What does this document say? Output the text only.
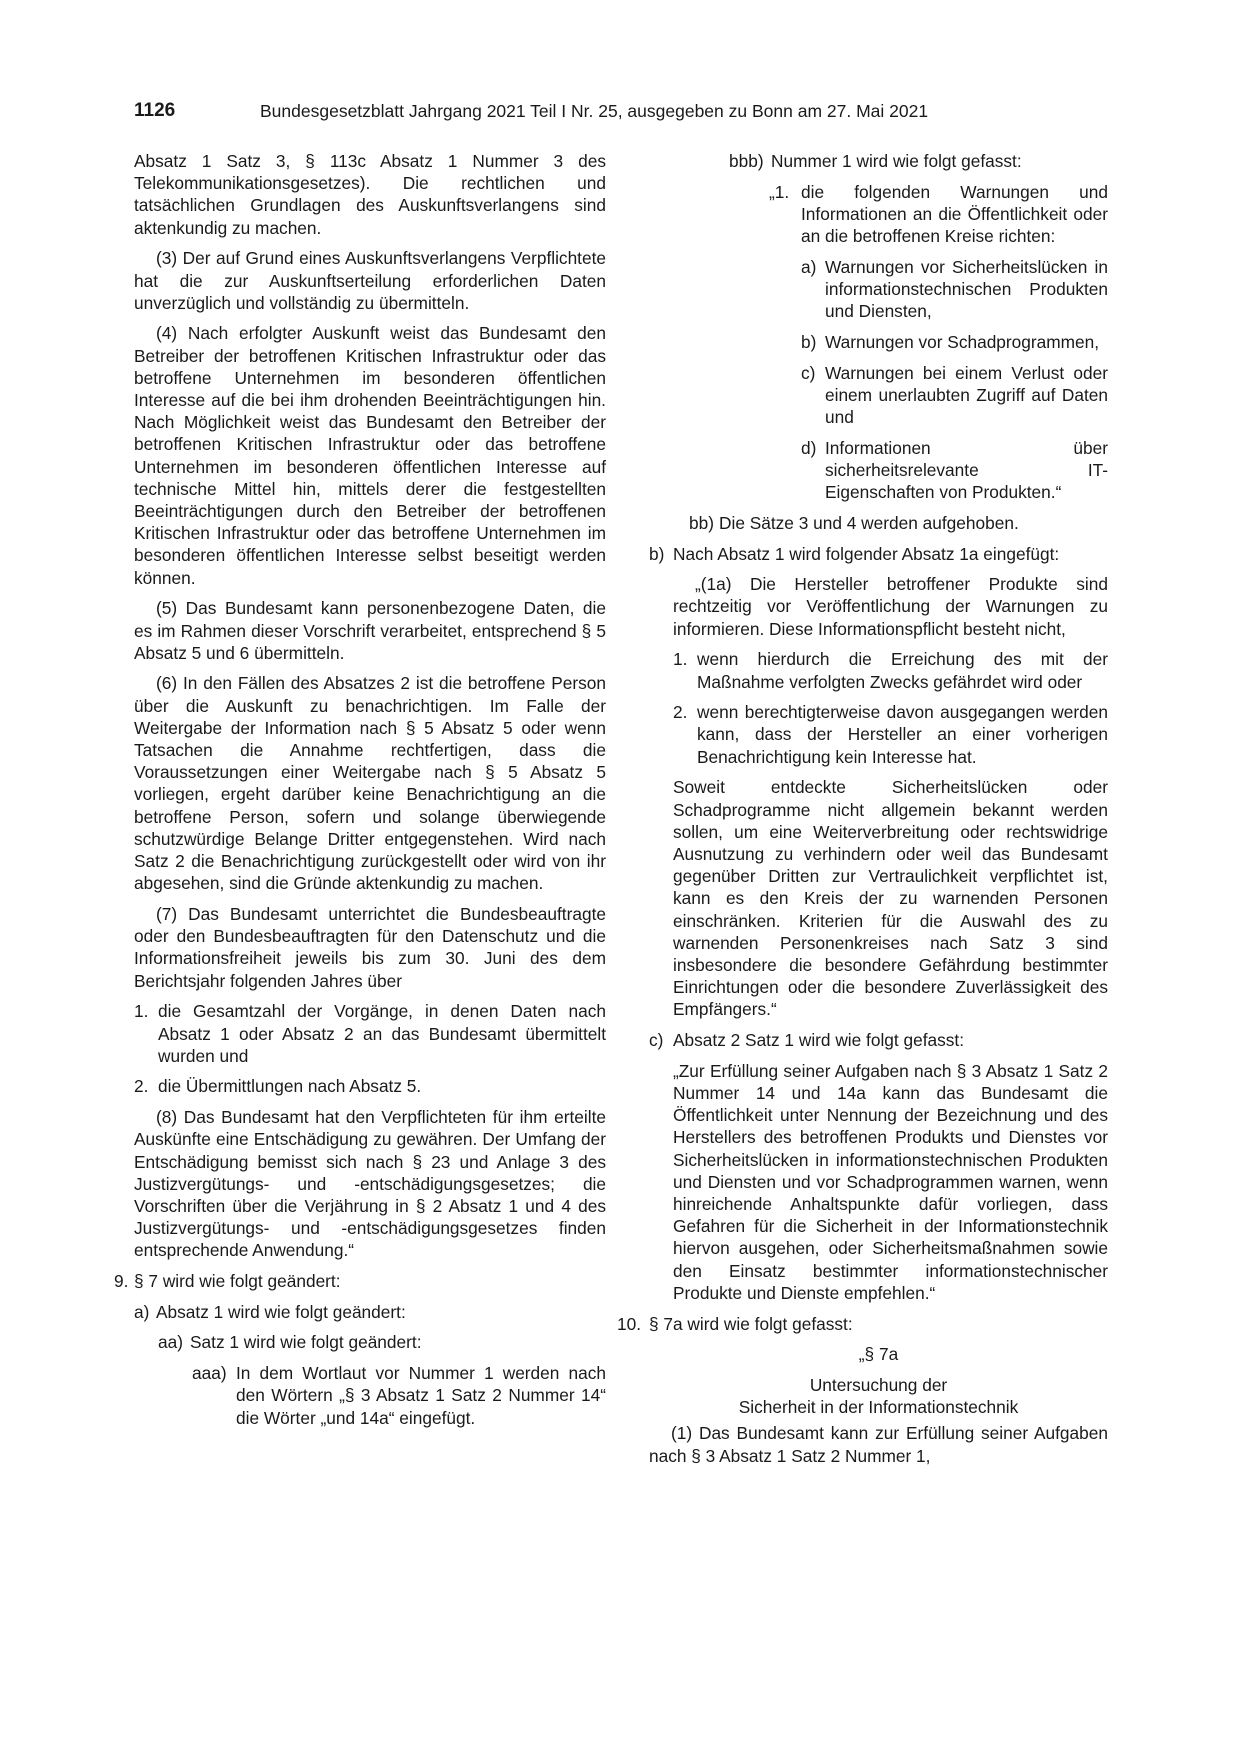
1126	Bundesgesetzblatt Jahrgang 2021 Teil I Nr. 25, ausgegeben zu Bonn am 27. Mai 2021

Absatz 1 Satz 3, § 113c Absatz 1 Nummer 3 des Telekommunikationsgesetzes). Die rechtlichen und tatsächlichen Grundlagen des Auskunftsverlangens sind aktenkundig zu machen.

(3) Der auf Grund eines Auskunftsverlangens Verpflichtete hat die zur Auskunftserteilung erforderlichen Daten unverzüglich und vollständig zu übermitteln.

(4) Nach erfolgter Auskunft weist das Bundesamt den Betreiber der betroffenen Kritischen Infrastruktur oder das betroffene Unternehmen im besonderen öffentlichen Interesse auf die bei ihm drohenden Beeinträchtigungen hin. Nach Möglichkeit weist das Bundesamt den Betreiber der betroffenen Kritischen Infrastruktur oder das betroffene Unternehmen im besonderen öffentlichen Interesse auf technische Mittel hin, mittels derer die festgestellten Beeinträchtigungen durch den Betreiber der betroffenen Kritischen Infrastruktur oder das betroffene Unternehmen im besonderen öffentlichen Interesse selbst beseitigt werden können.

(5) Das Bundesamt kann personenbezogene Daten, die es im Rahmen dieser Vorschrift verarbeitet, entsprechend § 5 Absatz 5 und 6 übermitteln.

(6) In den Fällen des Absatzes 2 ist die betroffene Person über die Auskunft zu benachrichtigen. Im Falle der Weitergabe der Information nach § 5 Absatz 5 oder wenn Tatsachen die Annahme rechtfertigen, dass die Voraussetzungen einer Weitergabe nach § 5 Absatz 5 vorliegen, ergeht darüber keine Benachrichtigung an die betroffene Person, sofern und solange überwiegende schutzwürdige Belange Dritter entgegenstehen. Wird nach Satz 2 die Benachrichtigung zurückgestellt oder wird von ihr abgesehen, sind die Gründe aktenkundig zu machen.

(7) Das Bundesamt unterrichtet die Bundesbeauftragte oder den Bundesbeauftragten für den Datenschutz und die Informationsfreiheit jeweils bis zum 30. Juni des dem Berichtsjahr folgenden Jahres über

1. die Gesamtzahl der Vorgänge, in denen Daten nach Absatz 1 oder Absatz 2 an das Bundesamt übermittelt wurden und
2. die Übermittlungen nach Absatz 5.

(8) Das Bundesamt hat den Verpflichteten für ihm erteilte Auskünfte eine Entschädigung zu gewähren. Der Umfang der Entschädigung bemisst sich nach § 23 und Anlage 3 des Justizvergütungs- und -entschädigungsgesetzes; die Vorschriften über die Verjährung in § 2 Absatz 1 und 4 des Justizvergütungs- und -entschädigungsgesetzes finden entsprechende Anwendung.“

9. § 7 wird wie folgt geändert:
a) Absatz 1 wird wie folgt geändert:
aa) Satz 1 wird wie folgt geändert:
aaa) In dem Wortlaut vor Nummer 1 werden nach den Wörtern „§ 3 Absatz 1 Satz 2 Nummer 14“ die Wörter „und 14a“ eingefügt.
bbb) Nummer 1 wird wie folgt gefasst:
„1. die folgenden Warnungen und Informationen an die Öffentlichkeit oder an die betroffenen Kreise richten:
a) Warnungen vor Sicherheitslücken in informationstechnischen Produkten und Diensten,
b) Warnungen vor Schadprogrammen,
c) Warnungen bei einem Verlust oder einem unerlaubten Zugriff auf Daten und
d) Informationen über sicherheitsrelevante IT-Eigenschaften von Produkten.“
bb) Die Sätze 3 und 4 werden aufgehoben.
b) Nach Absatz 1 wird folgender Absatz 1a eingefügt:

„(1a) Die Hersteller betroffener Produkte sind rechtzeitig vor Veröffentlichung der Warnungen zu informieren. Diese Informationspflicht besteht nicht,

1. wenn hierdurch die Erreichung des mit der Maßnahme verfolgten Zwecks gefährdet wird oder
2. wenn berechtigterweise davon ausgegangen werden kann, dass der Hersteller an einer vorherigen Benachrichtigung kein Interesse hat.

Soweit entdeckte Sicherheitslücken oder Schadprogramme nicht allgemein bekannt werden sollen, um eine Weiterverbreitung oder rechtswidrige Ausnutzung zu verhindern oder weil das Bundesamt gegenüber Dritten zur Vertraulichkeit verpflichtet ist, kann es den Kreis der zu warnenden Personen einschränken. Kriterien für die Auswahl des zu warnenden Personenkreises nach Satz 3 sind insbesondere die besondere Gefährdung bestimmter Einrichtungen oder die besondere Zuverlässigkeit des Empfängers.“

c) Absatz 2 Satz 1 wird wie folgt gefasst:

„Zur Erfüllung seiner Aufgaben nach § 3 Absatz 1 Satz 2 Nummer 14 und 14a kann das Bundesamt die Öffentlichkeit unter Nennung der Bezeichnung und des Herstellers des betroffenen Produkts und Dienstes vor Sicherheitslücken in informationstechnischen Produkten und Diensten und vor Schadprogrammen warnen, wenn hinreichende Anhaltspunkte dafür vorliegen, dass Gefahren für die Sicherheit in der Informationstechnik hiervon ausgehen, oder Sicherheitsmaßnahmen sowie den Einsatz bestimmter informationstechnischer Produkte und Dienste empfehlen.“

10. § 7a wird wie folgt gefasst:

„§ 7a

Untersuchung der
Sicherheit in der Informationstechnik

(1) Das Bundesamt kann zur Erfüllung seiner Aufgaben nach § 3 Absatz 1 Satz 2 Nummer 1,
